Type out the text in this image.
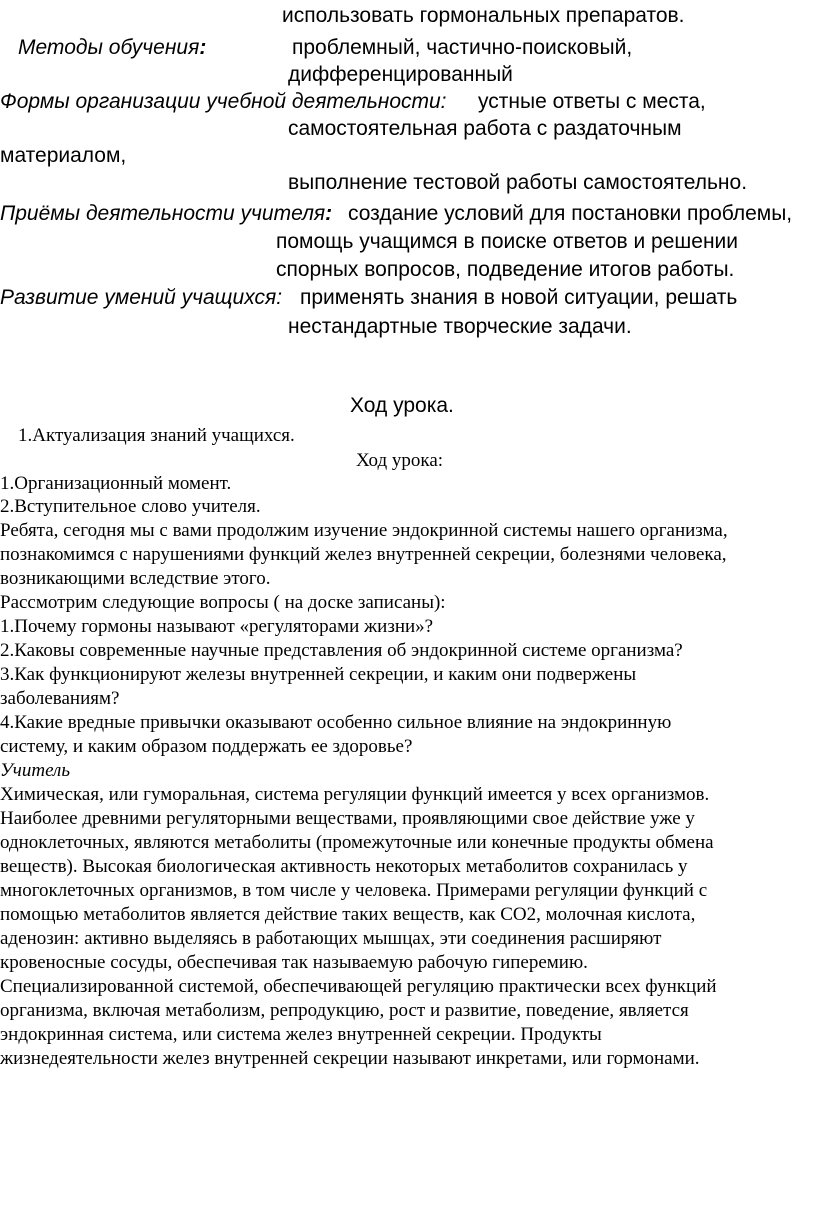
использовать гормональных препаратов.
Методы обучения:	проблемный, частично-поисковый,
дифференцированный
Формы организации учебной деятельности: устные ответы с места,
самостоятельная работа с раздаточным
материалом,
выполнение тестовой работы самостоятельно.
Приёмы деятельности учителя: создание условий для постановки проблемы,
помощь учащимся в поиске ответов и решении
спорных вопросов, подведение итогов работы.
Развитие умений учащихся: применять знания в новой ситуации, решать
нестандартные творческие задачи.
Ход урока.
1.Актуализация знаний учащихся.
Ход урока:
1.Организационный момент.
2.Вступительное слово учителя.
Ребята, сегодня мы с вами продолжим изучение эндокринной системы нашего организма,
познакомимся с нарушениями функций желез внутренней секреции, болезнями человека,
возникающими вследствие этого.
Рассмотрим следующие вопросы ( на доске записаны):
1.Почему гормоны называют «регуляторами жизни»?
2.Каковы современные научные представления об эндокринной системе организма?
3.Как функционируют железы внутренней секреции, и каким они подвержены
заболеваниям?
4.Какие вредные привычки оказывают особенно сильное влияние на эндокринную
систему, и каким образом поддержать ее здоровье?
Учитель
Химическая, или гуморальная, система регуляции функций имеется у всех организмов.
Наиболее древними регуляторными веществами, проявляющими свое действие уже у
одноклеточных, являются метаболиты (промежуточные или конечные продукты обмена
веществ). Высокая биологическая активность некоторых метаболитов сохранилась у
многоклеточных организмов, в том числе у человека. Примерами регуляции функций с
помощью метаболитов является действие таких веществ, как СО2, молочная кислота,
аденозин: активно выделяясь в работающих мышцах, эти соединения расширяют
кровеносные сосуды, обеспечивая так называемую рабочую гиперемию.
Специализированной системой, обеспечивающей регуляцию практически всех функций
организма, включая метаболизм, репродукцию, рост и развитие, поведение, является
эндокринная система, или система желез внутренней секреции. Продукты
жизнедеятельности желез внутренней секреции называют инкретами, или гормонами.
